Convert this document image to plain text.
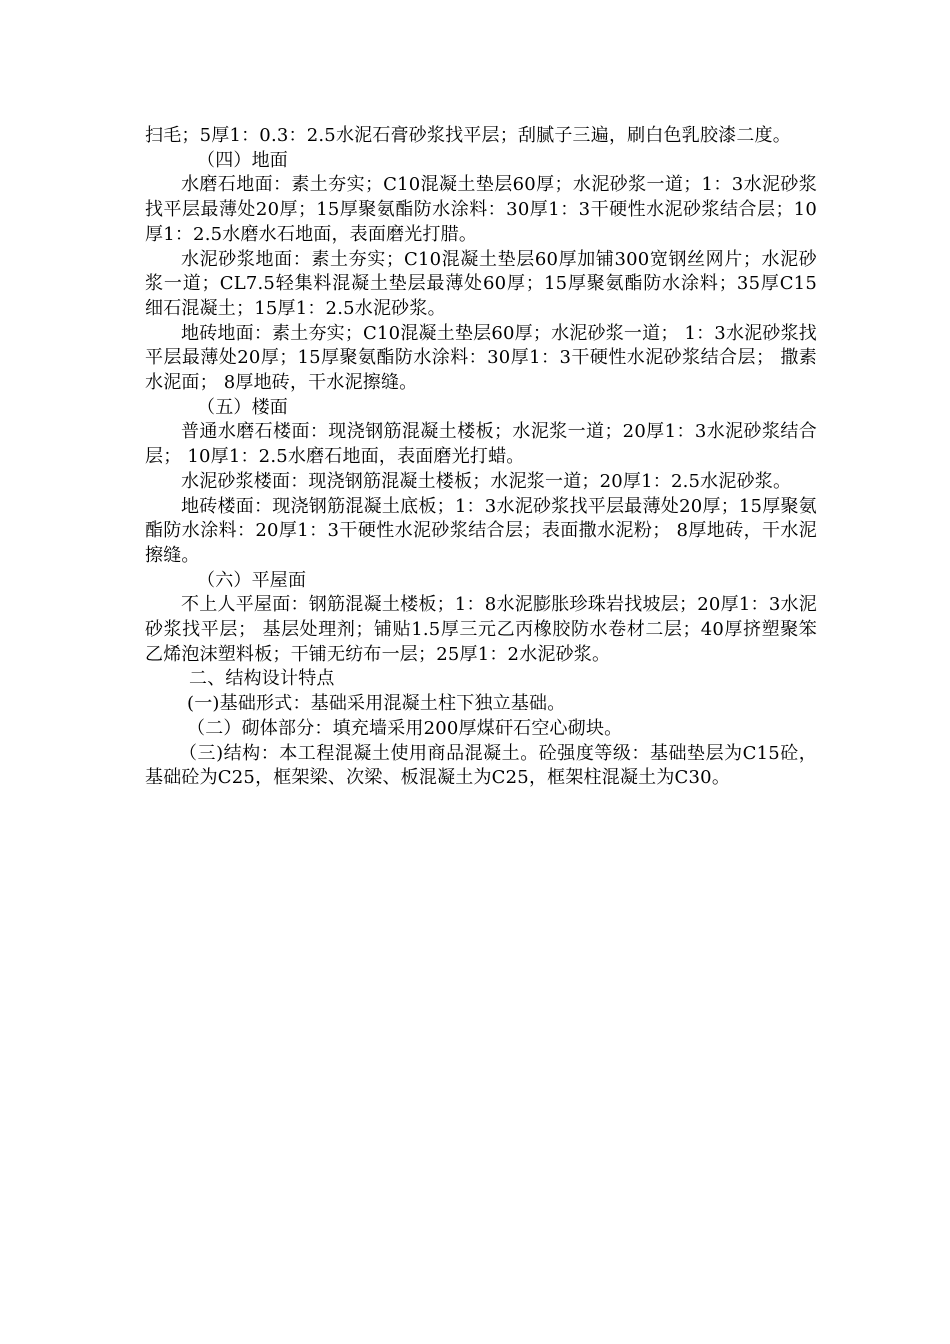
扫毛；5厚1：0.3：2.5水泥石膏砂浆找平层；刮腻子三遍，刷白色乳胶漆二度。

（四）地面

水磨石地面：素土夯实；C10混凝土垫层60厚；水泥砂浆一道；1：3水泥砂浆找平层最薄处20厚；15厚聚氨酯防水涂料：30厚1：3干硬性水泥砂浆结合层；10厚1：2.5水磨水石地面，表面磨光打腊。

水泥砂浆地面：素土夯实；C10混凝土垫层60厚加铺300宽钢丝网片；水泥砂浆一道；CL7.5轻集料混凝土垫层最薄处60厚；15厚聚氨酯防水涂料；35厚C15细石混凝土；15厚1：2.5水泥砂浆。

地砖地面：素土夯实；C10混凝土垫层60厚；水泥砂浆一道； 1：3水泥砂浆找平层最薄处20厚；15厚聚氨酯防水涂料：30厚1：3干硬性水泥砂浆结合层； 撒素水泥面； 8厚地砖，干水泥擦缝。

（五）楼面

普通水磨石楼面：现浇钢筋混凝土楼板；水泥浆一道；20厚1：3水泥砂浆结合层； 10厚1：2.5水磨石地面，表面磨光打蜡。

水泥砂浆楼面：现浇钢筋混凝土楼板；水泥浆一道；20厚1：2.5水泥砂浆。

地砖楼面：现浇钢筋混凝土底板；1：3水泥砂浆找平层最薄处20厚；15厚聚氨酯防水涂料：20厚1：3干硬性水泥砂浆结合层；表面撒水泥粉； 8厚地砖，干水泥擦缝。

（六）平屋面

不上人平屋面：钢筋混凝土楼板；1：8水泥膨胀珍珠岩找坡层；20厚1：3水泥砂浆找平层； 基层处理剂；铺贴1.5厚三元乙丙橡胶防水卷材二层；40厚挤塑聚笨乙烯泡沫塑料板；干铺无纺布一层；25厚1：2水泥砂浆。

二、结构设计特点

(一)基础形式：基础采用混凝土柱下独立基础。

（二）砌体部分：填充墙采用200厚煤矸石空心砌块。

（三)结构：本工程混凝土使用商品混凝土。砼强度等级：基础垫层为C15砼，基础砼为C25，框架梁、次梁、板混凝土为C25，框架柱混凝土为C30。
